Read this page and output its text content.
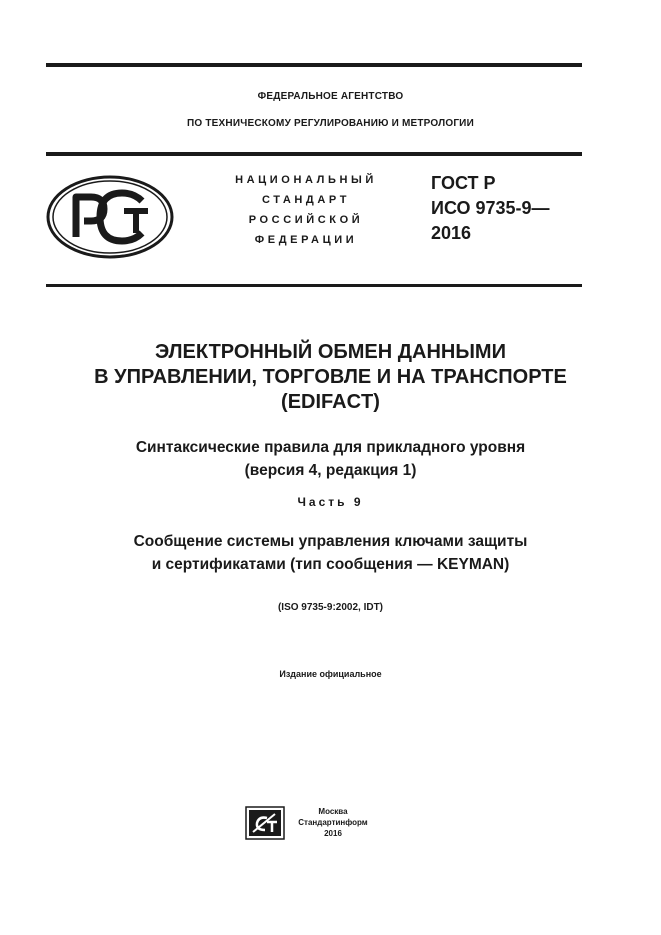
ФЕДЕРАЛЬНОЕ АГЕНТСТВО
ПО ТЕХНИЧЕСКОМУ РЕГУЛИРОВАНИЮ И МЕТРОЛОГИИ
НАЦИОНАЛЬНЫЙ
СТАНДАРТ
РОССИЙСКОЙ
ФЕДЕРАЦИИ
ГОСТ Р
ИСО 9735-9—
2016
ЭЛЕКТРОННЫЙ ОБМЕН ДАННЫМИ
В УПРАВЛЕНИИ, ТОРГОВЛЕ И НА ТРАНСПОРТЕ
(EDIFACT)
Синтаксические правила для прикладного уровня
(версия 4, редакция 1)
Часть 9
Сообщение системы управления ключами защиты
и сертификатами (тип сообщения — KEYMAN)
(ISO 9735-9:2002, IDT)
Издание официальное
Москва
Стандартинформ
2016
